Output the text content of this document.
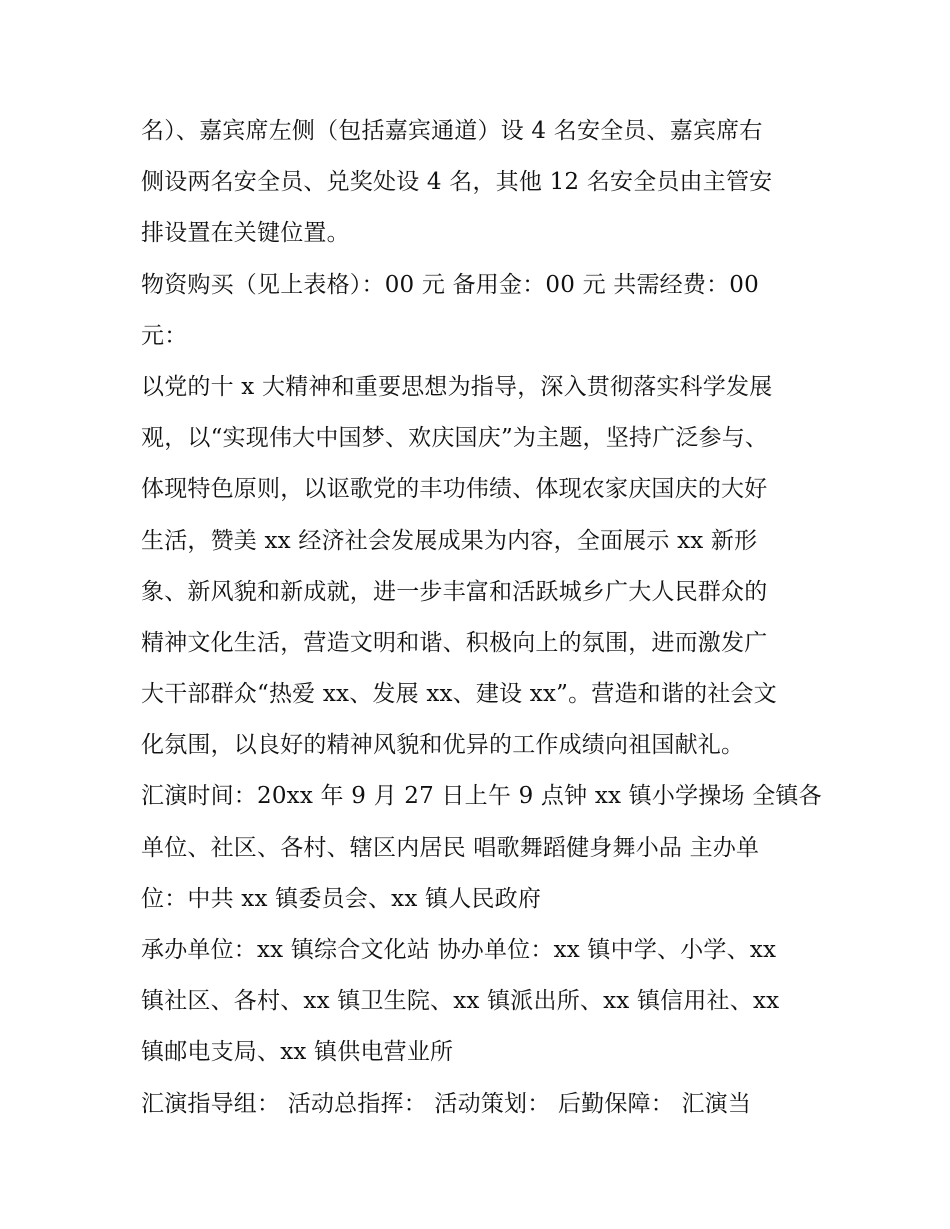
名）、嘉宾席左侧（包括嘉宾通道）设 4 名安全员、嘉宾席右
侧设两名安全员、兑奖处设 4 名，其他 12 名安全员由主管安
排设置在关键位置。
物资购买（见上表格）：00 元 备用金：00 元 共需经费：00
元：
以党的十 x 大精神和重要思想为指导，深入贯彻落实科学发展
观，以“实现伟大中国梦、欢庆国庆”为主题，坚持广泛参与、
体现特色原则，以讴歌党的丰功伟绩、体现农家庆国庆的大好
生活，赞美 xx 经济社会发展成果为内容，全面展示 xx 新形
象、新风貌和新成就，进一步丰富和活跃城乡广大人民群众的
精神文化生活，营造文明和谐、积极向上的氛围，进而激发广
大干部群众“热爱 xx、发展 xx、建设 xx”。营造和谐的社会文
化氛围，以良好的精神风貌和优异的工作成绩向祖国献礼。
汇演时间：20xx 年 9 月 27 日上午 9 点钟 xx 镇小学操场 全镇各
单位、社区、各村、辖区内居民 唱歌舞蹈健身舞小品 主办单
位：中共 xx 镇委员会、xx 镇人民政府
承办单位：xx 镇综合文化站 协办单位：xx 镇中学、小学、xx
镇社区、各村、xx 镇卫生院、xx 镇派出所、xx 镇信用社、xx
镇邮电支局、xx 镇供电营业所
汇演指导组： 活动总指挥： 活动策划： 后勤保障： 汇演当
